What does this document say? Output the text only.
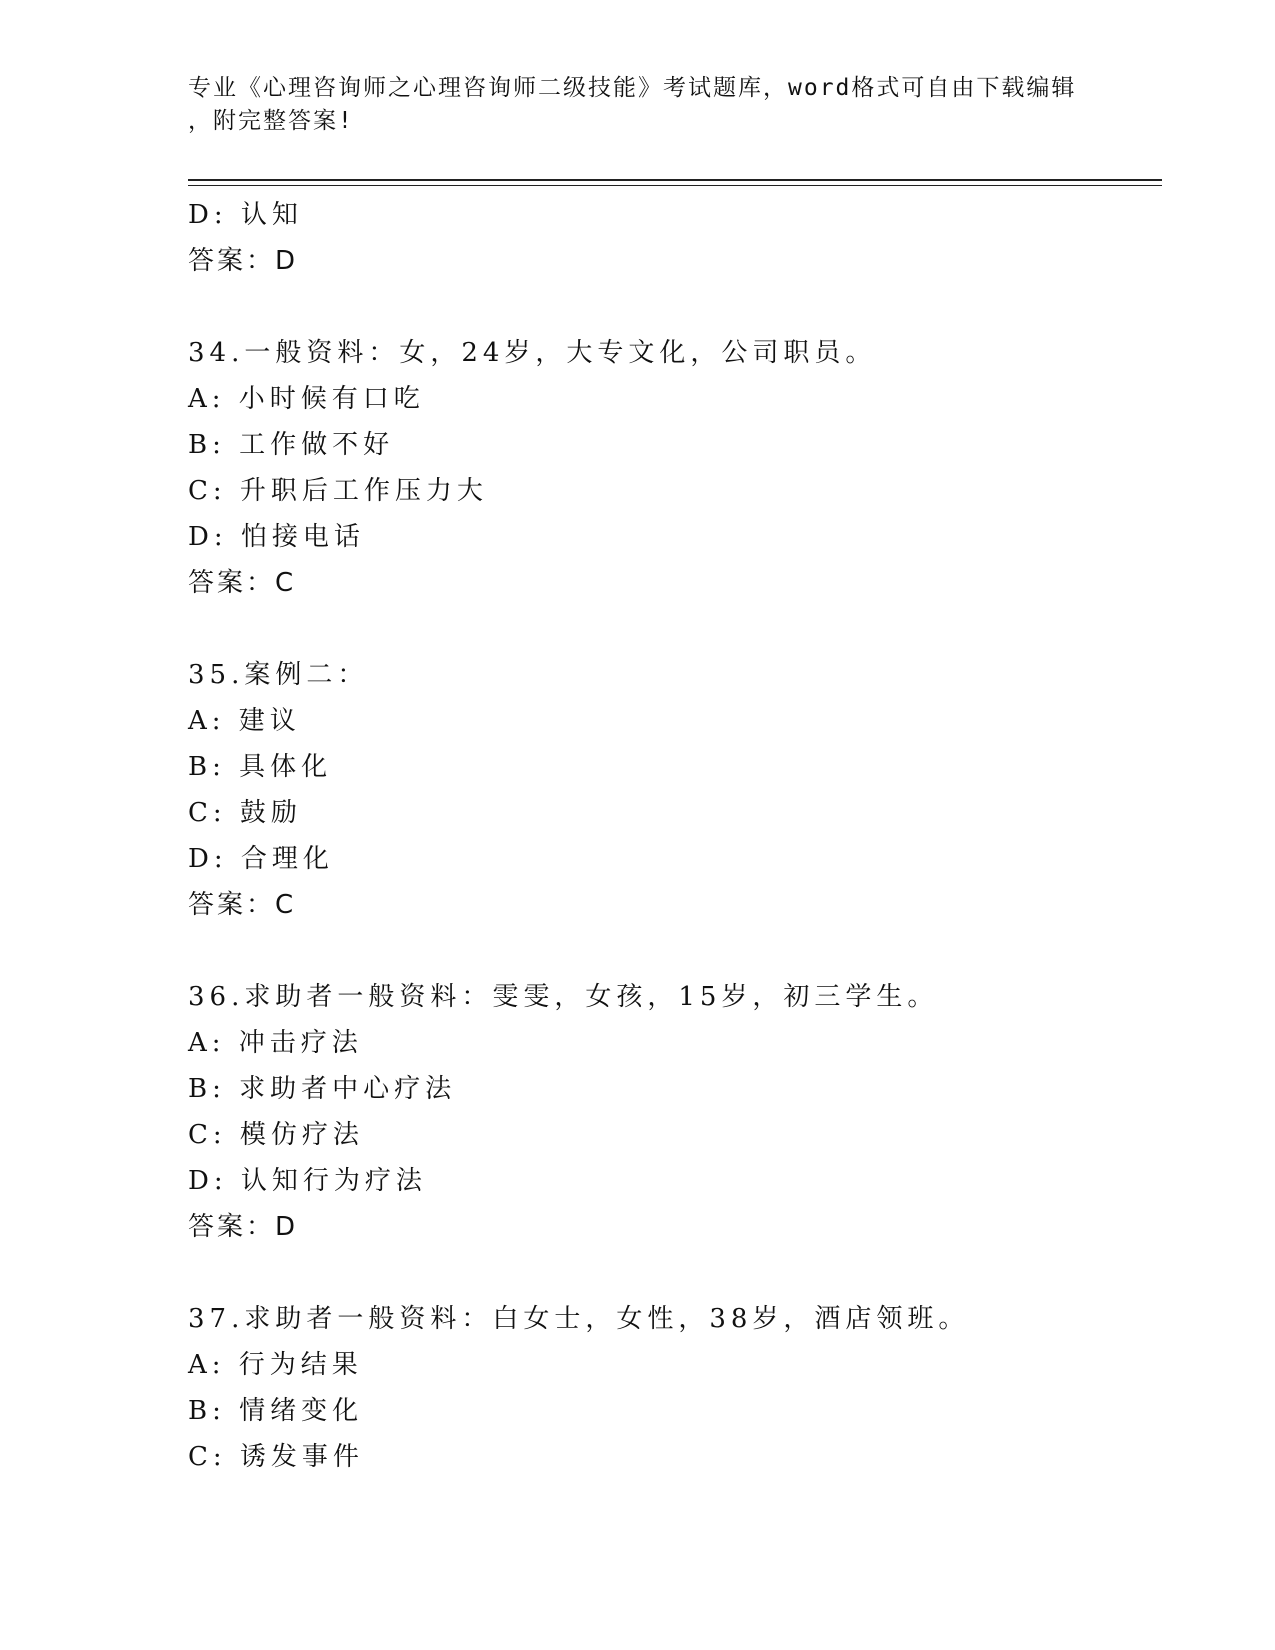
专业《心理咨询师之心理咨询师二级技能》考试题库，word格式可自由下载编辑
，附完整答案!
D: 认知
答案：D
34.一般资料：女，24岁，大专文化，公司职员。
A: 小时候有口吃
B: 工作做不好
C: 升职后工作压力大
D: 怕接电话
答案：C
35.案例二：
A: 建议
B: 具体化
C: 鼓励
D: 合理化
答案：C
36.求助者一般资料：雯雯，女孩，15岁，初三学生。
A: 冲击疗法
B: 求助者中心疗法
C: 模仿疗法
D: 认知行为疗法
答案：D
37.求助者一般资料：白女士，女性，38岁，酒店领班。
A: 行为结果
B: 情绪变化
C: 诱发事件
